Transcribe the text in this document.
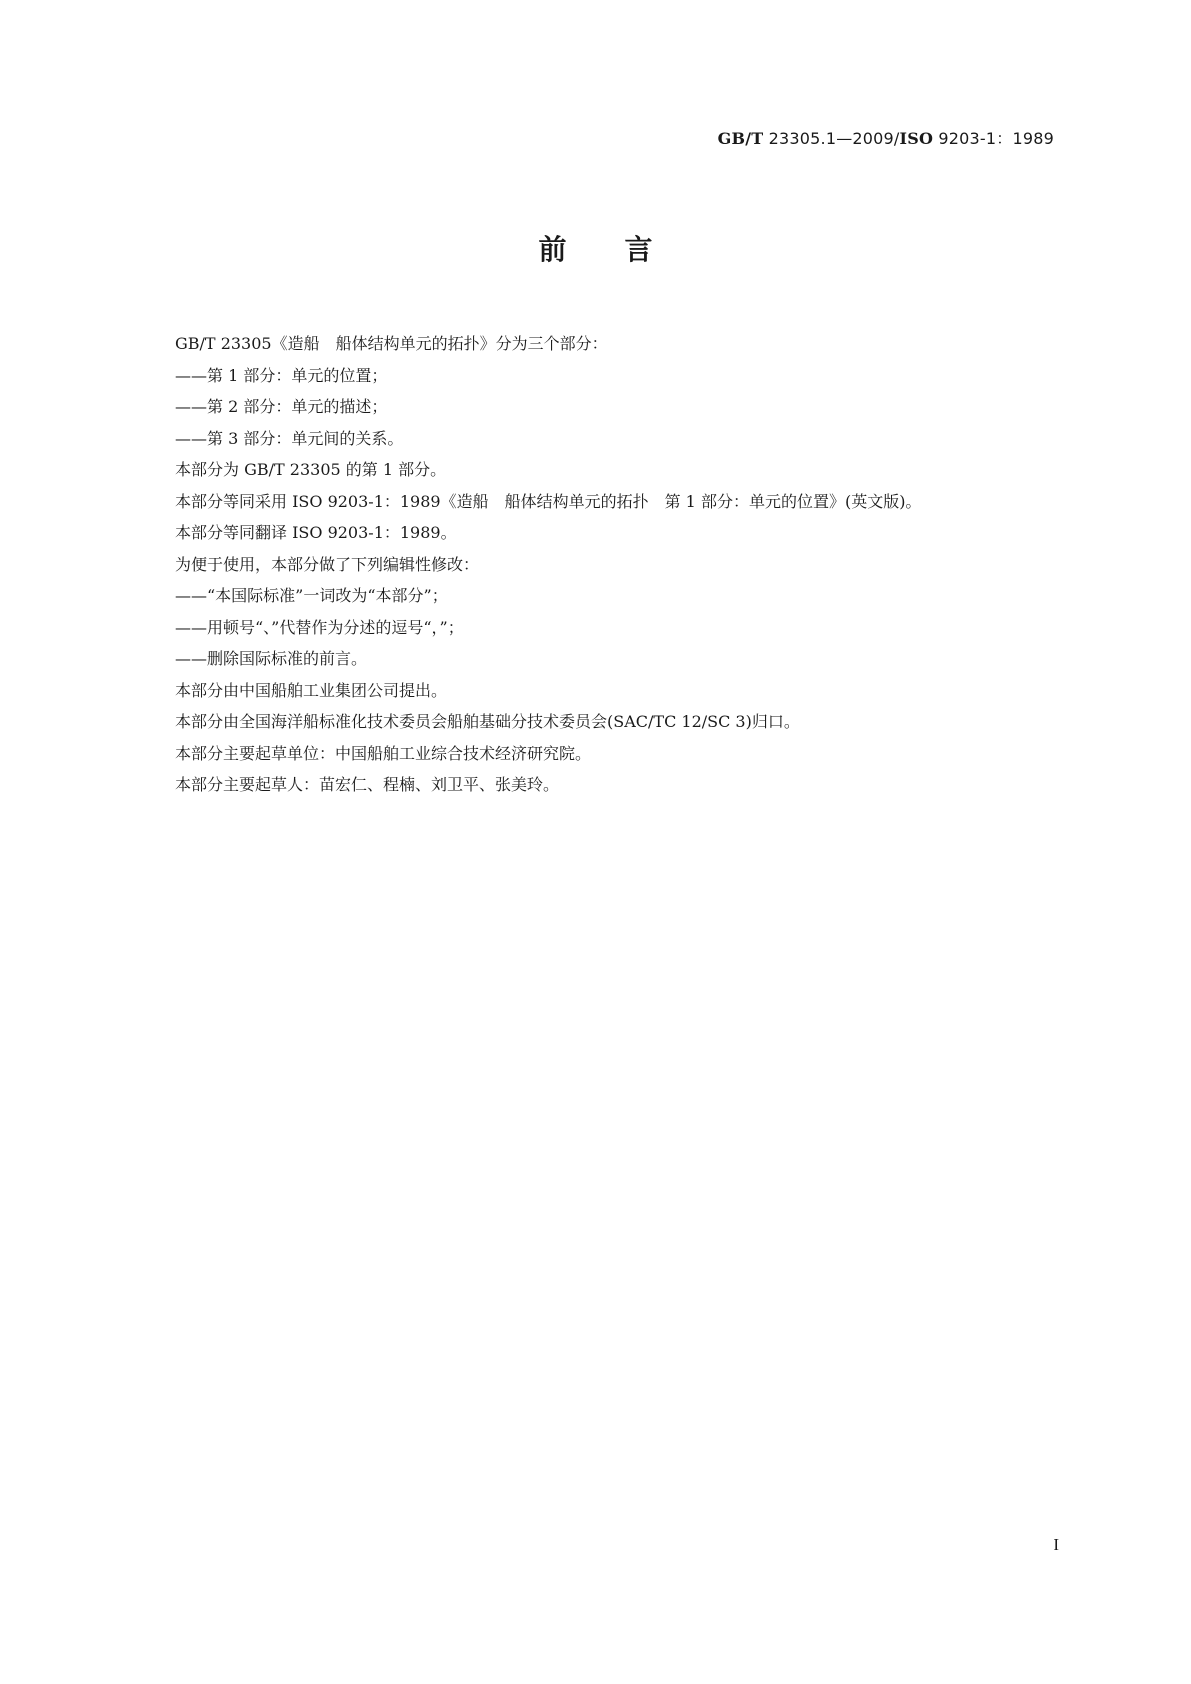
GB/T 23305.1—2009/ISO 9203-1：1989
前言
GB/T 23305《造船　船体结构单元的拓扑》分为三个部分：
——第 1 部分：单元的位置；
——第 2 部分：单元的描述；
——第 3 部分：单元间的关系。
本部分为 GB/T 23305 的第 1 部分。
本部分等同采用 ISO 9203-1：1989《造船　船体结构单元的拓扑　第 1 部分：单元的位置》(英文版)。
本部分等同翻译 ISO 9203-1：1989。
为便于使用，本部分做了下列编辑性修改：
——“本国际标准”一词改为“本部分”；
——用顿号“、”代替作为分述的逗号“，”；
——删除国际标准的前言。
本部分由中国船舶工业集团公司提出。
本部分由全国海洋船标准化技术委员会船舶基础分技术委员会(SAC/TC 12/SC 3)归口。
本部分主要起草单位：中国船舶工业综合技术经济研究院。
本部分主要起草人：苗宏仁、程楠、刘卫平、张美玲。
I
